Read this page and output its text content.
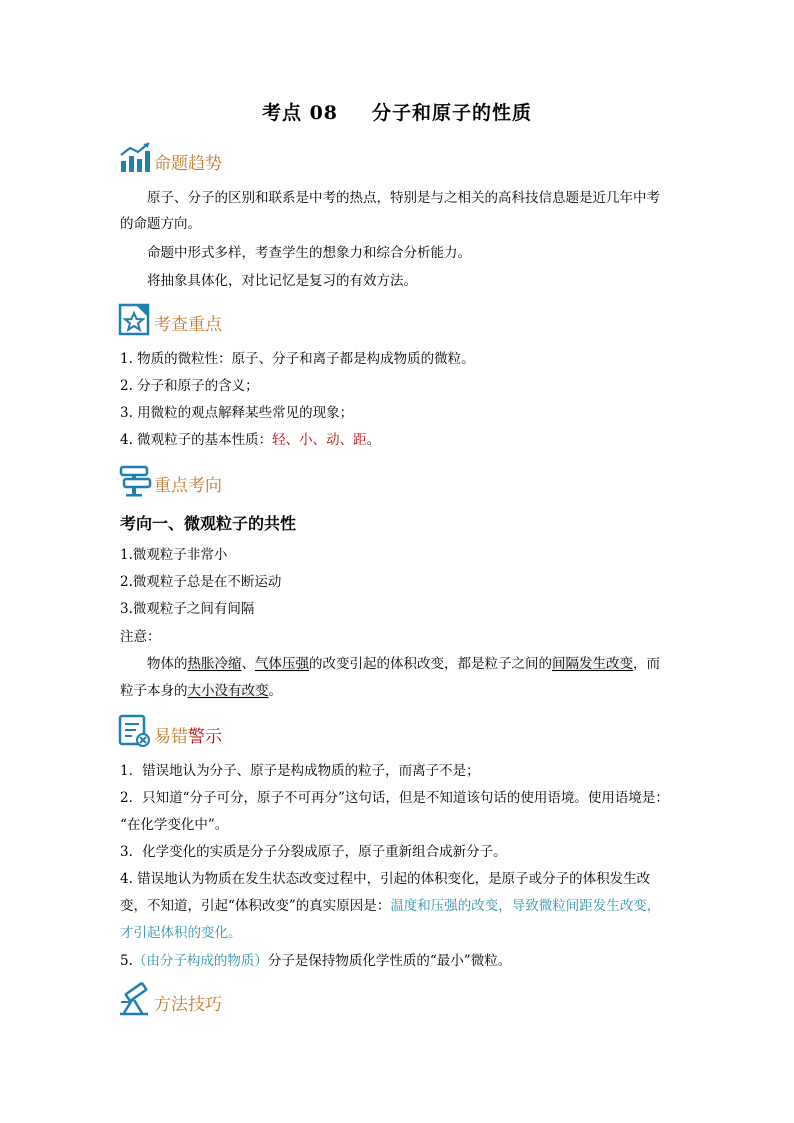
考点 08 分子和原子的性质
命题趋势
原子、分子的区别和联系是中考的热点，特别是与之相关的高科技信息题是近几年中考
的命题方向。
命题中形式多样，考查学生的想象力和综合分析能力。
将抽象具体化，对比记忆是复习的有效方法。
考查重点
1. 物质的微粒性：原子、分子和离子都是构成物质的微粒。
2. 分子和原子的含义；
3. 用微粒的观点解释某些常见的现象；
4. 微观粒子的基本性质：轻、小、动、距。
重点考向
考向一、微观粒子的共性
1.微观粒子非常小
2.微观粒子总是在不断运动
3.微观粒子之间有间隔
注意：
物体的热胀冷缩、气体压强的改变引起的体积改变，都是粒子之间的间隔发生改变，而
粒子本身的大小没有改变。
易错警示
1．错误地认为分子、原子是构成物质的粒子，而离子不是；
2．只知道“分子可分，原子不可再分”这句话，但是不知道该句话的使用语境。使用语境是：
“在化学变化中”。
3．化学变化的实质是分子分裂成原子，原子重新组合成新分子。
4. 错误地认为物质在发生状态改变过程中，引起的体积变化，是原子或分子的体积发生改
变，不知道，引起“体积改变”的真实原因是：温度和压强的改变，导致微粒间距发生改变，
才引起体积的变化。
5.（由分子构成的物质）分子是保持物质化学性质的“最小”微粒。
方法技巧
